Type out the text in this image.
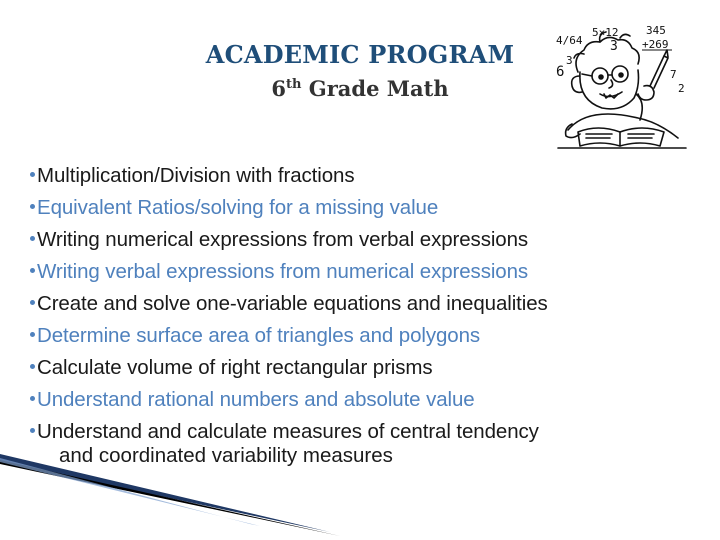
ACADEMIC PROGRAM
6th Grade Math
4/64
5×12	345
+269
3
6
3
7
2
Multiplication/Division with fractions
Equivalent Ratios/solving for a missing value
Writing numerical expressions from verbal expressions
Writing verbal expressions from numerical expressions
Create and solve one-variable equations and inequalities
Determine surface area of triangles and polygons
Calculate volume of right rectangular prisms
Understand rational numbers and absolute value
Understand and calculate measures of central tendency
and coordinated variability measures
